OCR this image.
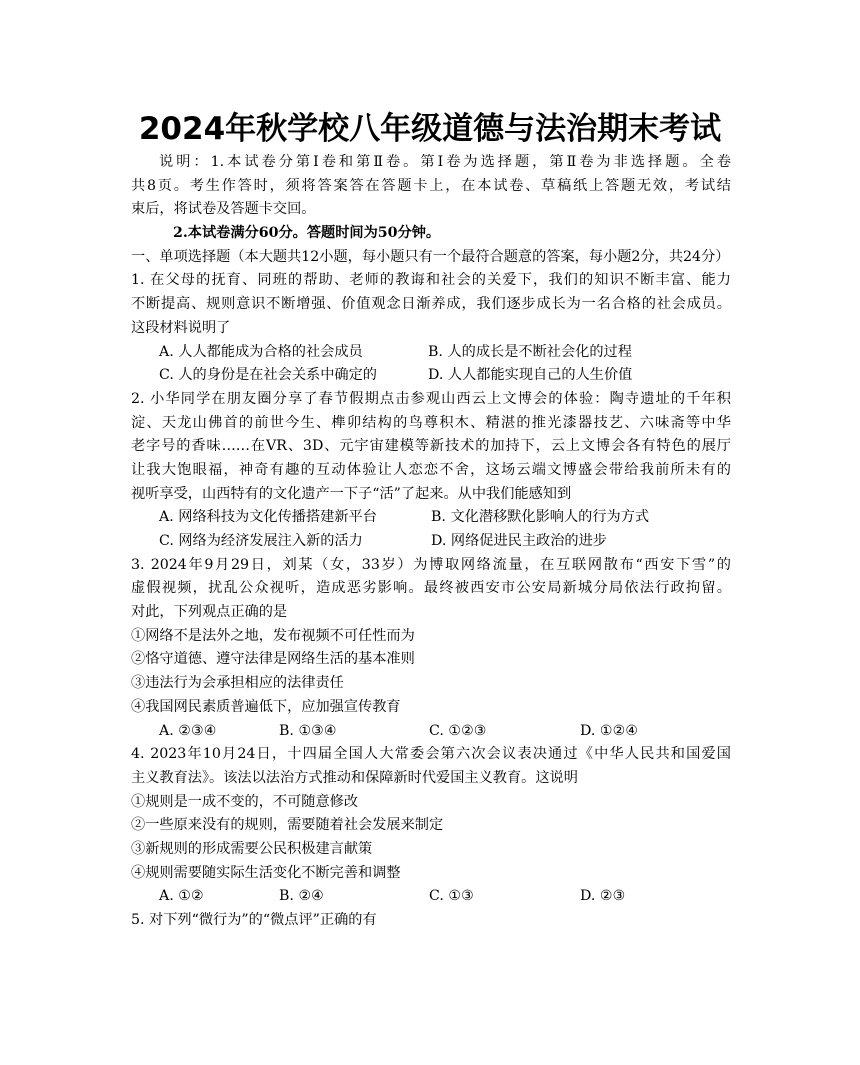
2024年秋学校八年级道德与法治期末考试
说明：1.本试卷分第Ⅰ卷和第Ⅱ卷。第Ⅰ卷为选择题，第Ⅱ卷为非选择题。全卷
共8页。考生作答时，须将答案答在答题卡上，在本试卷、草稿纸上答题无效，考试结
束后，将试卷及答题卡交回。
2.本试卷满分60分。答题时间为50分钟。
一、单项选择题（本大题共12小题，每小题只有一个最符合题意的答案，每小题2分，共24分）
1. 在父母的抚育、同班的帮助、老师的教诲和社会的关爱下，我们的知识不断丰富、能力
不断提高、规则意识不断增强、价值观念日渐养成，我们逐步成长为一名合格的社会成员。
这段材料说明了
A. 人人都能成为合格的社会成员	B. 人的成长是不断社会化的过程
C. 人的身份是在社会关系中确定的	D. 人人都能实现自己的人生价值
2. 小华同学在朋友圈分享了春节假期点击参观山西云上文博会的体验：陶寺遗址的千年积
淀、天龙山佛首的前世今生、榫卯结构的鸟尊积木、精湛的推光漆器技艺、六味斋等中华
老字号的香味……在VR、3D、元宇宙建模等新技术的加持下，云上文博会各有特色的展厅
让我大饱眼福，神奇有趣的互动体验让人恋恋不舍，这场云端文博盛会带给我前所未有的
视听享受，山西特有的文化遗产一下子“活”了起来。从中我们能感知到
A. 网络科技为文化传播搭建新平台	B. 文化潜移默化影响人的行为方式
C. 网络为经济发展注入新的活力	D. 网络促进民主政治的进步
3. 2024年9月29日，刘某（女，33岁）为博取网络流量，在互联网散布“西安下雪”的
虚假视频，扰乱公众视听，造成恶劣影响。最终被西安市公安局新城分局依法行政拘留。
对此，下列观点正确的是
①网络不是法外之地，发布视频不可任性而为
②恪守道德、遵守法律是网络生活的基本准则
③违法行为会承担相应的法律责任
④我国网民素质普遍低下，应加强宣传教育
A. ②③④	B. ①③④	C. ①②③	D. ①②④
4. 2023年10月24日，十四届全国人大常委会第六次会议表决通过《中华人民共和国爱国
主义教育法》。该法以法治方式推动和保障新时代爱国主义教育。这说明
①规则是一成不变的，不可随意修改
②一些原来没有的规则，需要随着社会发展来制定
③新规则的形成需要公民积极建言献策
④规则需要随实际生活变化不断完善和调整
A. ①②	B. ②④	C. ①③	D. ②③
5. 对下列“微行为”的“微点评”正确的有
